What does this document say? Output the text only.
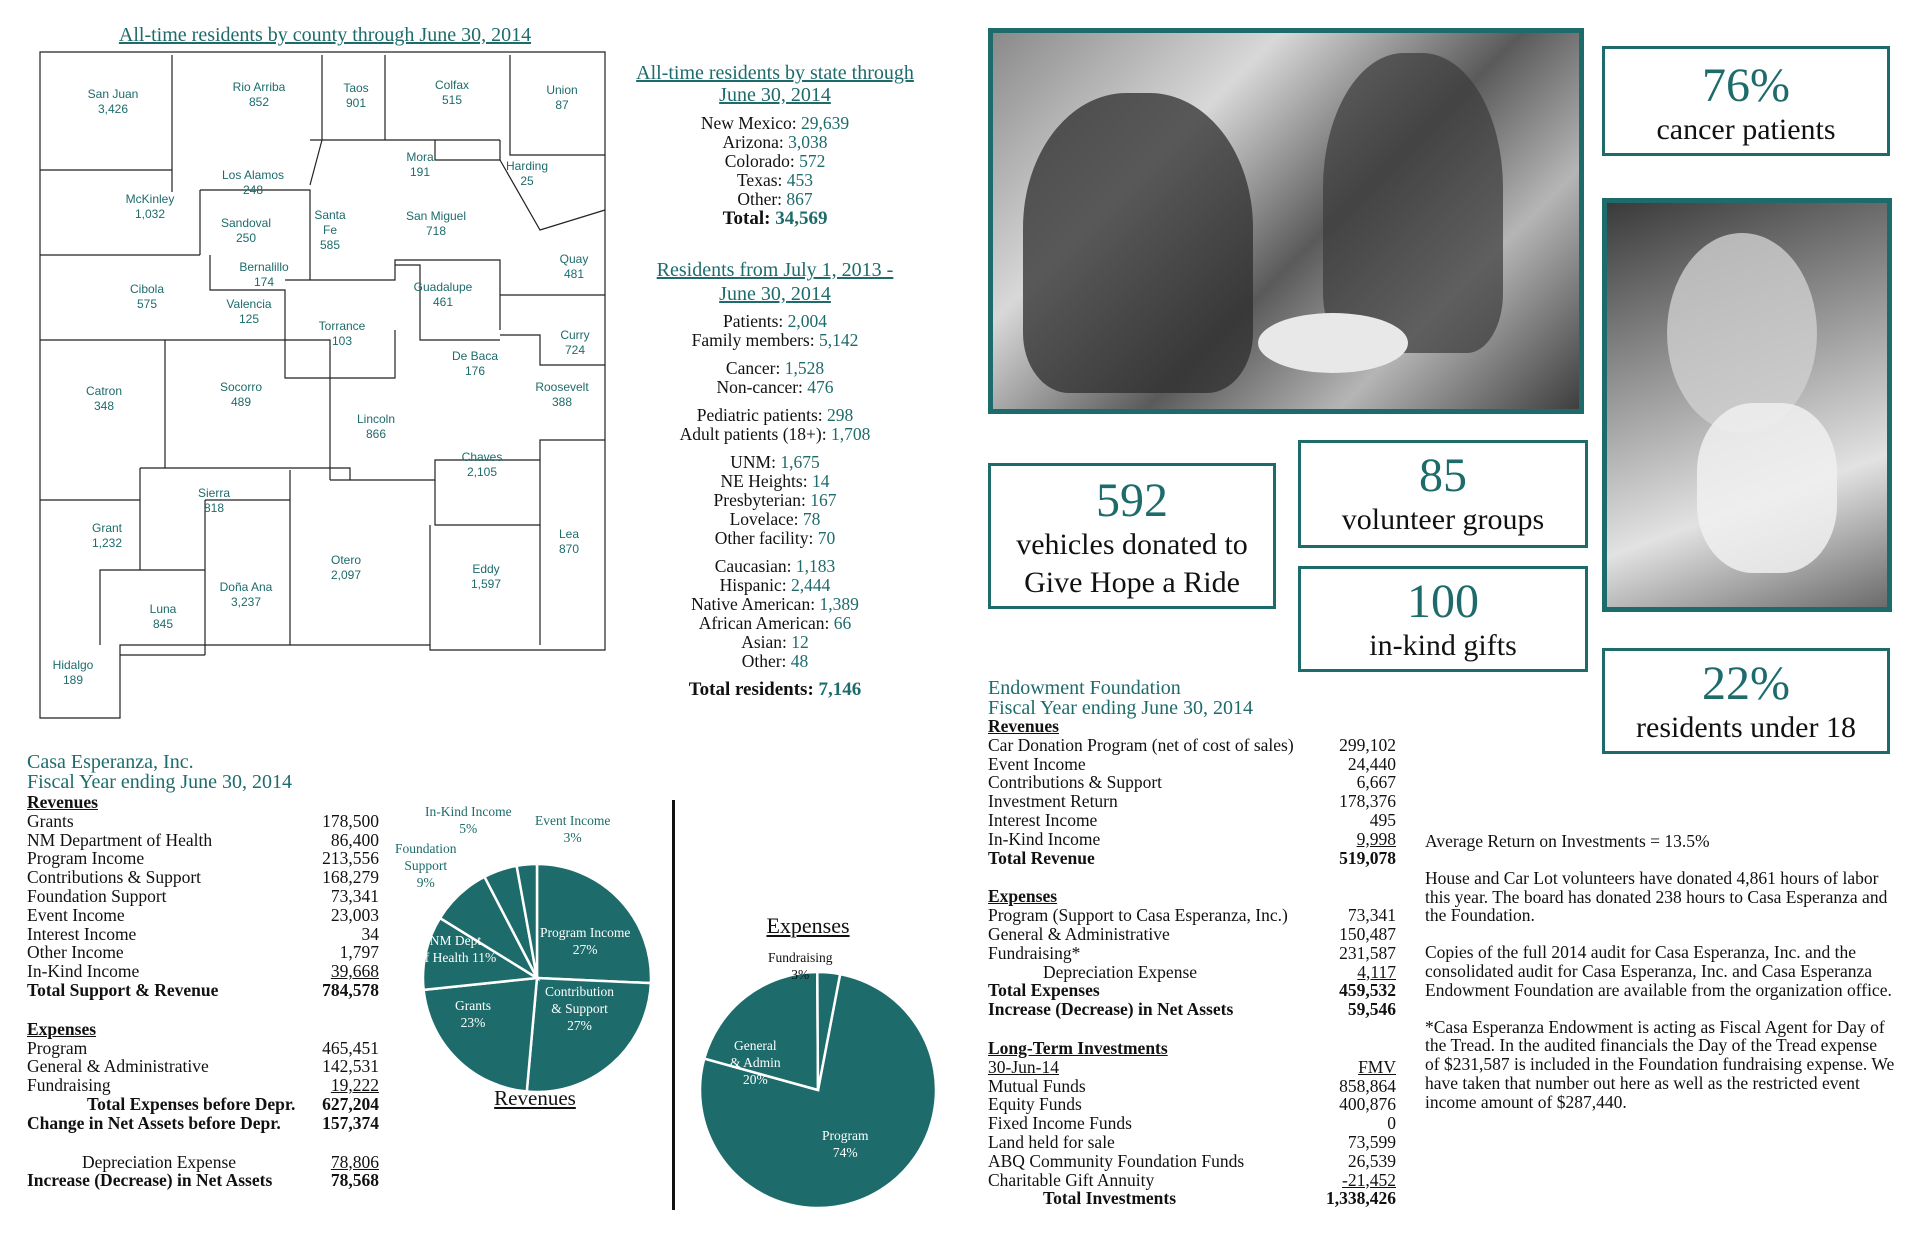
All-time residents by county through June 30, 2014
San Juan
3,426
Rio Arriba
852
Taos
901
Colfax
515
Union
87
Mora
191	Harding
25
Los Alamos
248
McKinley
1,032
Sandoval
250
Santa
Fe
585
San Miguel
718
Quay
481
Bernalillo
174
Cibola
575	Valencia
125	Torrance
103
Guadalupe
461
Curry
724
De Baca
176
Roosevelt
388
Catron
348
Socorro
489
Lincoln
866
Chaves
2,105
Sierra
818
Grant
1,232
Lea
870
Otero
2,097	Eddy
1,597
Doña Ana
3,237
Luna
845
Hidalgo
189
All-time residents by state through June 30, 2014
New Mexico: 29,639
Arizona: 3,038
Colorado: 572
Texas: 453
Other: 867
Total: 34,569
Residents from July 1, 2013 - June 30, 2014
Patients: 2,004
Family members: 5,142
Cancer: 1,528
Non-cancer: 476
Pediatric patients: 298
Adult patients (18+): 1,708
UNM: 1,675
NE Heights: 14
Presbyterian: 167
Lovelace: 78
Other facility: 70
Caucasian: 1,183
Hispanic: 2,444
Native American: 1,389
African American: 66
Asian: 12
Other: 48
Total residents: 7,146
Casa Esperanza, Inc.
Fiscal Year ending June 30, 2014
Revenues
Grants	178,500
NM Department of Health	86,400
Program Income	213,556
Contributions & Support	168,279
Foundation Support	73,341
Event Income	23,003
Interest Income	34
Other Income	1,797
In-Kind Income	39,668
Total Support & Revenue	784,578
Expenses
Program	465,451
General & Administrative	142,531
Fundraising	19,222
Total Expenses before Depr. 627,204
Change in Net Assets before Depr. 157,374
Depreciation Expense	78,806
Increase (Decrease) in Net Assets	78,568
Revenues
Program Income
27%
Contribution
& Support
27%
Grants
23%
NM Dept.
of Health 11%
Foundation
Support
9%
In-Kind Income
5%
Event Income
3%
Expenses
Program
74%
General
& Admin
20%
Fundraising
3%
76%
cancer patients
592
vehicles donated to
Give Hope a Ride
85
volunteer groups
100
in-kind gifts
22%
residents under 18
Endowment Foundation
Fiscal Year ending June 30, 2014
Revenues
Car Donation Program (net of cost of sales)	299,102
Event Income	24,440
Contributions & Support	6,667
Investment Return	178,376
Interest Income	495
In-Kind Income	9,998
Total Revenue	519,078
Expenses
Program (Support to Casa Esperanza, Inc.)	73,341
General & Administrative	150,487
Fundraising*	231,587
Depreciation Expense	4,117
Total Expenses	459,532
Increase (Decrease) in Net Assets	59,546
Long-Term Investments
30-Jun-14	FMV
Mutual Funds	858,864
Equity Funds	400,876
Fixed Income Funds	0
Land held for sale	73,599
ABQ Community Foundation Funds	26,539
Charitable Gift Annuity	-21,452
Total Investments	1,338,426
Average Return on Investments = 13.5%
House and Car Lot volunteers have donated 4,861 hours of labor this year. The board has donated 238 hours to Casa Esperanza and the Foundation.
Copies of the full 2014 audit for Casa Esperanza, Inc. and the consolidated audit for Casa Esperanza, Inc. and Casa Esperanza Endowment Foundation are available from the organization office.
*Casa Esperanza Endowment is acting as Fiscal Agent for Day of the Tread. In the audited financials the Day of the Tread expense of $231,587 is included in the Foundation fundraising expense. We have taken that number out here as well as the restricted event income amount of $287,440.
